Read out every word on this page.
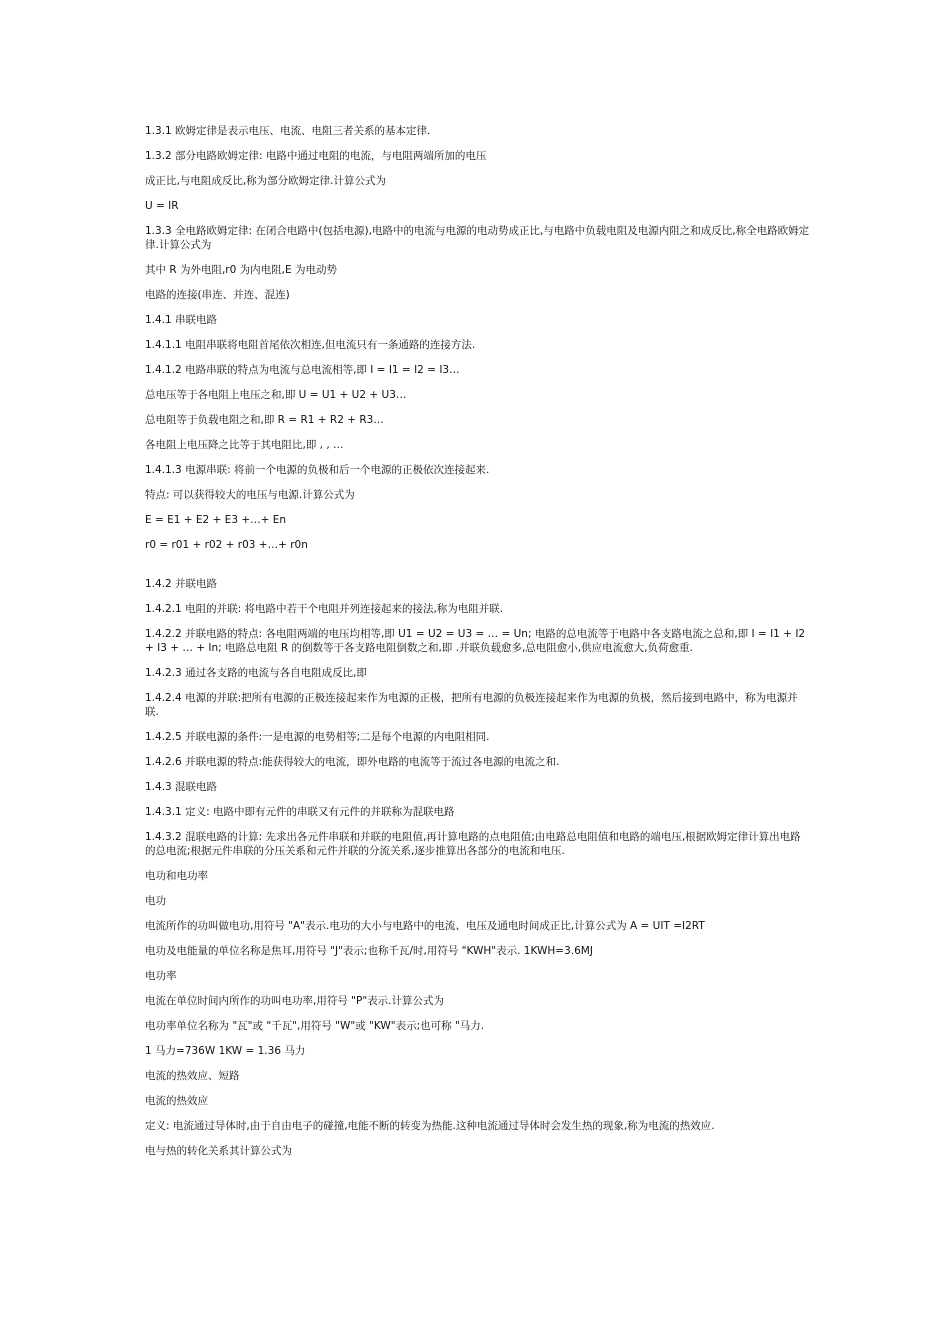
1.3.1 欧姆定律是表示电压、电流、电阻三者关系的基本定律.

1.3.2 部分电路欧姆定律: 电路中通过电阻的电流，与电阻两端所加的电压

成正比,与电阻成反比,称为部分欧姆定律.计算公式为

U = IR

1.3.3 全电路欧姆定律: 在闭合电路中(包括电源),电路中的电流与电源的电动势成正比,与电路中负载电阻及电源内阻之和成反比,称全电路欧姆定律.计算公式为

其中 R 为外电阻,r0 为内电阻,E 为电动势

电路的连接(串连、并连、混连)

1.4.1 串联电路

1.4.1.1 电阻串联将电阻首尾依次相连,但电流只有一条通路的连接方法.

1.4.1.2 电路串联的特点为电流与总电流相等,即 I = I1 = I2 = I3…

总电压等于各电阻上电压之和,即 U = U1 + U2 + U3…

总电阻等于负载电阻之和,即 R = R1 + R2 + R3…

各电阻上电压降之比等于其电阻比,即 , , …

1.4.1.3 电源串联: 将前一个电源的负极和后一个电源的正极依次连接起来.

特点: 可以获得较大的电压与电源.计算公式为

E = E1 + E2 + E3 +…+ En

r0 = r01 + r02 + r03 +…+ r0n

1.4.2 并联电路

1.4.2.1 电阻的并联: 将电路中若干个电阻并列连接起来的接法,称为电阻并联.

1.4.2.2 并联电路的特点: 各电阻两端的电压均相等,即 U1 = U2 = U3 = … = Un; 电路的总电流等于电路中各支路电流之总和,即 I = I1 + I2 + I3 + … + In; 电路总电阻 R 的倒数等于各支路电阻倒数之和,即 .并联负载愈多,总电阻愈小,供应电流愈大,负荷愈重.

1.4.2.3 通过各支路的电流与各自电阻成反比,即

1.4.2.4 电源的并联:把所有电源的正极连接起来作为电源的正极，把所有电源的负极连接起来作为电源的负极，然后接到电路中，称为电源并联.

1.4.2.5 并联电源的条件:一是电源的电势相等;二是每个电源的内电阻相同.

1.4.2.6 并联电源的特点:能获得较大的电流，即外电路的电流等于流过各电源的电流之和.

1.4.3 混联电路

1.4.3.1 定义: 电路中即有元件的串联又有元件的并联称为混联电路

1.4.3.2 混联电路的计算: 先求出各元件串联和并联的电阻值,再计算电路的点电阻值;由电路总电阻值和电路的端电压,根据欧姆定律计算出电路的总电流;根据元件串联的分压关系和元件并联的分流关系,逐步推算出各部分的电流和电压.

电功和电功率

电功

电流所作的功叫做电功,用符号 "A"表示.电功的大小与电路中的电流、电压及通电时间成正比,计算公式为 A = UIT =I2RT

电功及电能量的单位名称是焦耳,用符号 "J"表示;也称千瓦/时,用符号 "KWH"表示. 1KWH=3.6MJ

电功率

电流在单位时间内所作的功叫电功率,用符号 "P"表示.计算公式为

电功率单位名称为 "瓦"或 "千瓦",用符号 "W"或 "KW"表示;也可称 "马力.

1 马力=736W 1KW = 1.36 马力

电流的热效应、短路

电流的热效应

定义: 电流通过导体时,由于自由电子的碰撞,电能不断的转变为热能.这种电流通过导体时会发生热的现象,称为电流的热效应.

电与热的转化关系其计算公式为
